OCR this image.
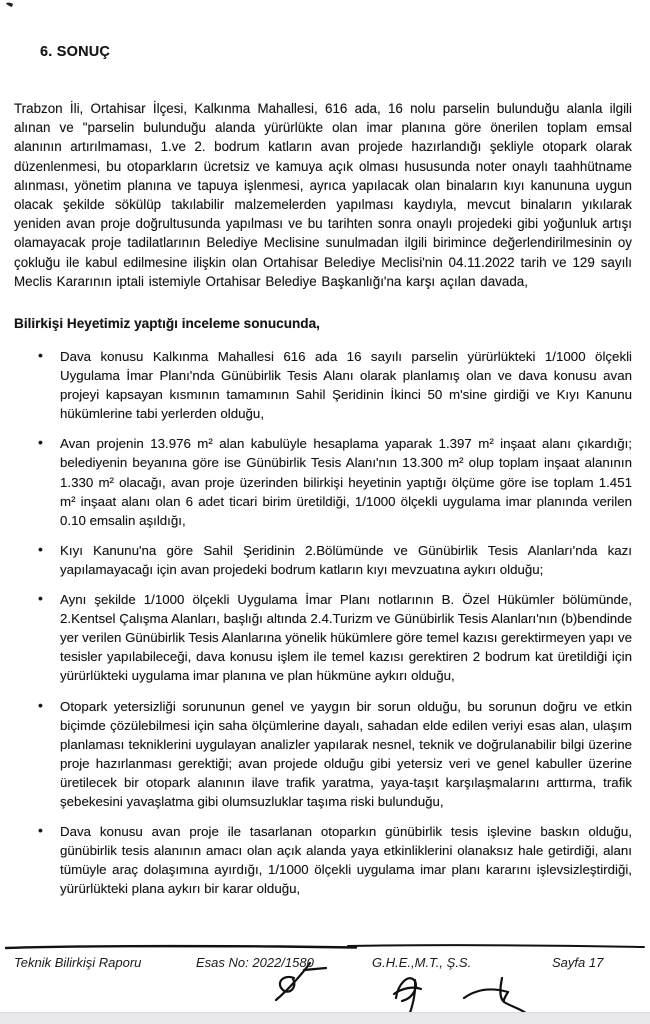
6. SONUÇ

Trabzon İli, Ortahisar İlçesi, Kalkınma Mahallesi, 616 ada, 16 nolu parselin bulunduğu alanla ilgili alınan ve "parselin bulunduğu alanda yürürlükte olan imar planına göre önerilen toplam emsal alanının artırılmaması, 1.ve 2. bodrum katların avan projede hazırlandığı şekliyle otopark olarak düzenlenmesi, bu otoparkların ücretsiz ve kamuya açık olması hususunda noter onaylı taahhütname alınması, yönetim planına ve tapuya işlenmesi, ayrıca yapılacak olan binaların kıyı kanununa uygun olacak şekilde sökülüp takılabilir malzemelerden yapılması kaydıyla, mevcut binaların yıkılarak yeniden avan proje doğrultusunda yapılması ve bu tarihten sonra onaylı projedeki gibi yoğunluk artışı olamayacak proje tadilatlarının Belediye Meclisine sunulmadan ilgili birimince değerlendirilmesinin oy çokluğu ile kabul edilmesine ilişkin olan Ortahisar Belediye Meclisi'nin 04.11.2022 tarih ve 129 sayılı Meclis Kararının iptali istemiyle Ortahisar Belediye Başkanlığı'na karşı açılan davada,

Bilirkişi Heyetimiz yaptığı inceleme sonucunda,

• Dava konusu Kalkınma Mahallesi 616 ada 16 sayılı parselin yürürlükteki 1/1000 ölçekli Uygulama İmar Planı'nda Günübirlik Tesis Alanı olarak planlamış olan ve dava konusu avan projeyi kapsayan kısmının tamamının Sahil Şeridinin İkinci 50 m'sine girdiği ve Kıyı Kanunu hükümlerine tabi yerlerden olduğu,
• Avan projenin 13.976 m² alan kabulüyle hesaplama yaparak 1.397 m² inşaat alanı çıkardığı; belediyenin beyanına göre ise Günübirlik Tesis Alanı'nın 13.300 m² olup toplam inşaat alanının 1.330 m² olacağı, avan proje üzerinden bilirkişi heyetinin yaptığı ölçüme göre ise toplam 1.451 m² inşaat alanı olan 6 adet ticari birim üretildiği, 1/1000 ölçekli uygulama imar planında verilen 0.10 emsalin aşıldığı,
• Kıyı Kanunu'na göre Sahil Şeridinin 2.Bölümünde ve Günübirlik Tesis Alanları'nda kazı yapılamayacağı için avan projedeki bodrum katların kıyı mevzuatına aykırı olduğu;
• Aynı şekilde 1/1000 ölçekli Uygulama İmar Planı notlarının B. Özel Hükümler bölümünde, 2.Kentsel Çalışma Alanları, başlığı altında 2.4.Turizm ve Günübirlik Tesis Alanları'nın (b)bendinde yer verilen Günübirlik Tesis Alanlarına yönelik hükümlere göre temel kazısı gerektirmeyen yapı ve tesisler yapılabileceği, dava konusu işlem ile temel kazısı gerektiren 2 bodrum kat üretildiği için yürürlükteki uygulama imar planına ve plan hükmüne aykırı olduğu,
• Otopark yetersizliği sorununun genel ve yaygın bir sorun olduğu, bu sorunun doğru ve etkin biçimde çözülebilmesi için saha ölçümlerine dayalı, sahadan elde edilen veriyi esas alan, ulaşım planlaması tekniklerini uygulayan analizler yapılarak nesnel, teknik ve doğrulanabilir bilgi üzerine proje hazırlanması gerektiği; avan projede olduğu gibi yetersiz veri ve genel kabuller üzerine üretilecek bir otopark alanının ilave trafik yaratma, yaya-taşıt karşılaşmalarını arttırma, trafik şebekesini yavaşlatma gibi olumsuzluklar taşıma riski bulunduğu,
• Dava konusu avan proje ile tasarlanan otoparkın günübirlik tesis işlevine baskın olduğu, günübirlik tesis alanının amacı olan açık alanda yaya etkinliklerini olanaksız hale getirdiği, alanı tümüyle araç dolaşımına ayırdığı, 1/1000 ölçekli uygulama imar planı kararını işlevsizleştirdiği, yürürlükteki plana aykırı bir karar olduğu,
Teknik Bilirkişi Raporu	Esas No: 2022/1580	G.H.E.,M.T., Ş.S.	Sayfa 17
